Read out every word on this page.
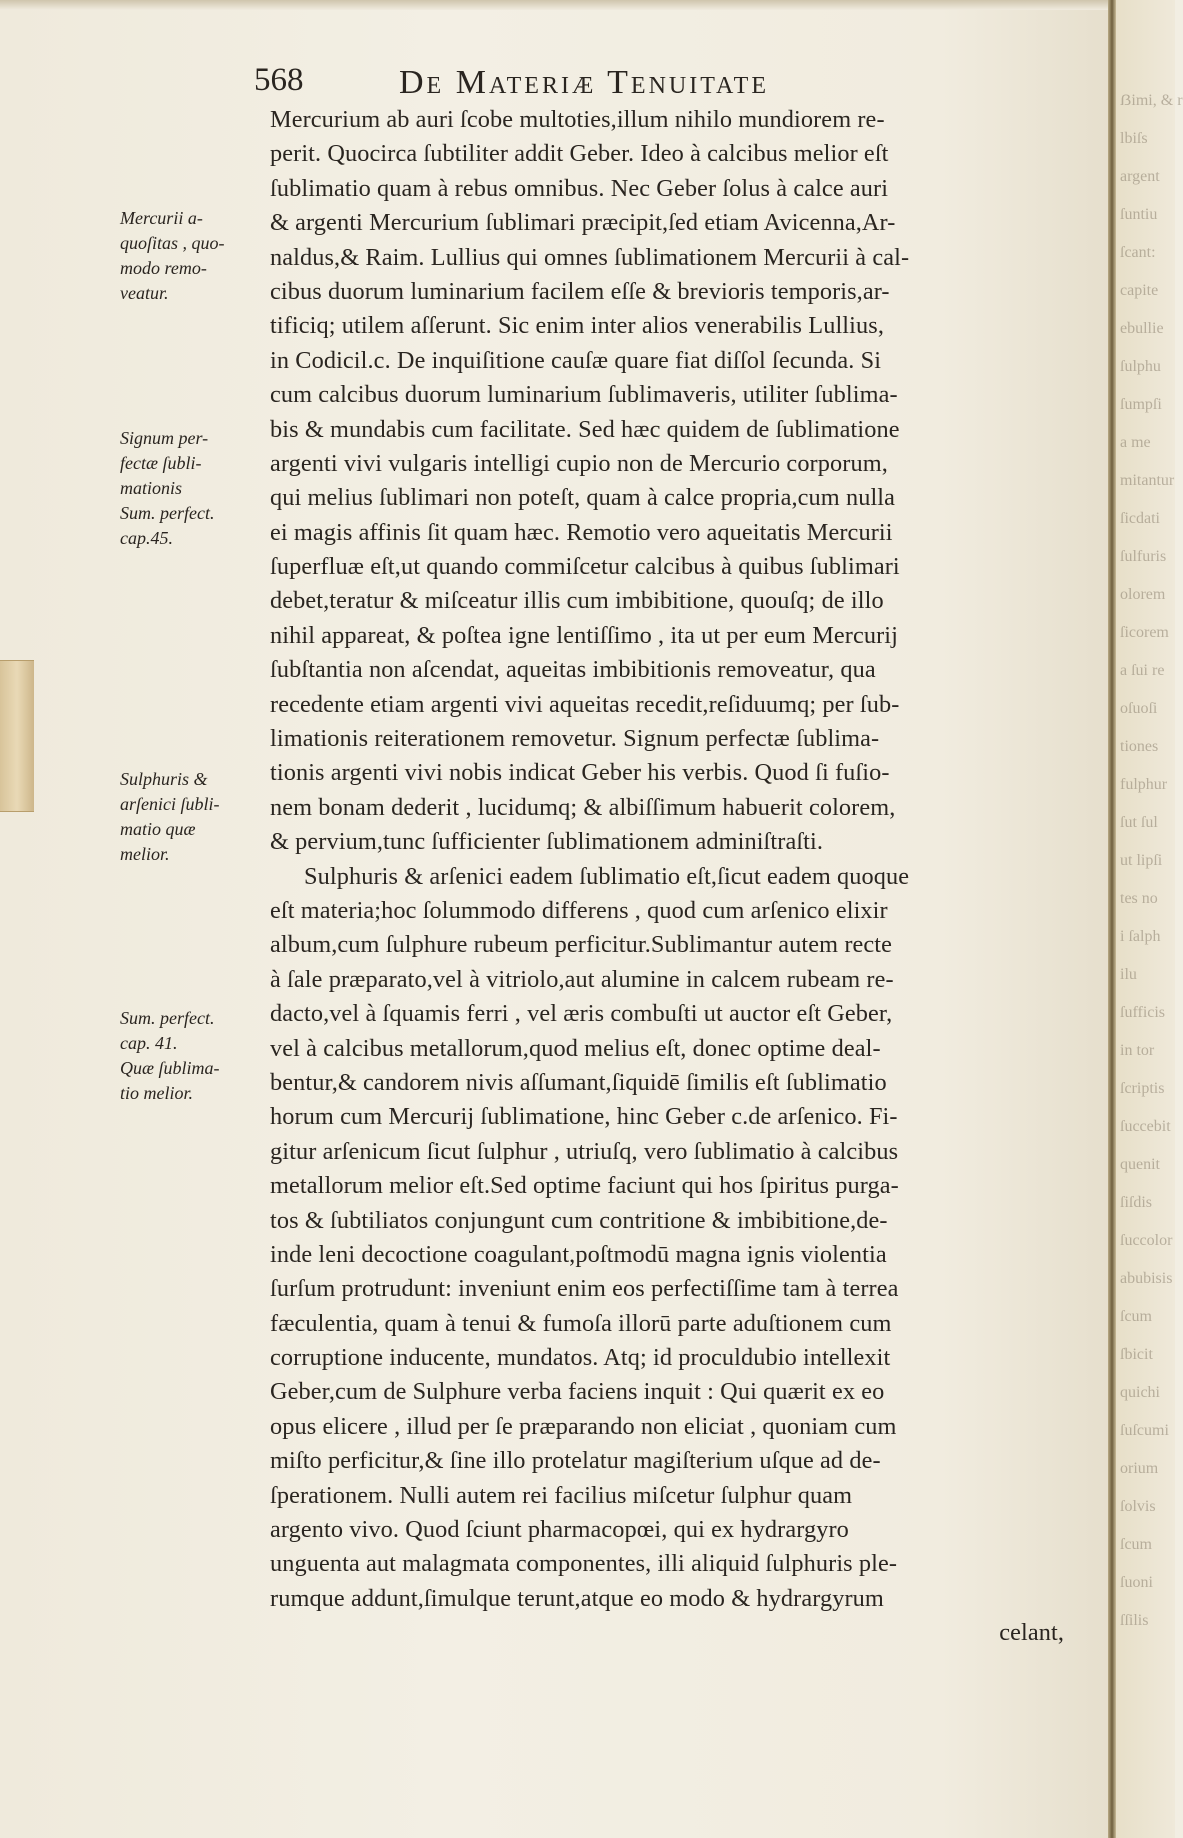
568	De Materiæ Tenuitate
Mercurii a-
quoſitas , quo-
modo remo-
veatur.
Signum per-
fectæ ſubli-
mationis
Sum. perfect.
cap.45.
Sulphuris &
arſenici ſubli-
matio quæ
melior.
Sum. perfect.
cap. 41.
Quæ ſublima-
tio melior.
Mercurium ab auri ſcobe multoties,illum nihilo mundiorem re-
perit. Quocirca ſubtiliter addit Geber. Ideo à calcibus melior eſt
ſublimatio quam à rebus omnibus. Nec Geber ſolus à calce auri
& argenti Mercurium ſublimari præcipit,ſed etiam Avicenna,Ar-
naldus,& Raim. Lullius qui omnes ſublimationem Mercurii à cal-
cibus duorum luminarium facilem eſſe & brevioris temporis,ar-
tificiq; utilem aſſerunt. Sic enim inter alios venerabilis Lullius,
in Codicil.c. De inquiſitione cauſæ quare fiat diſſol ſecunda. Si
cum calcibus duorum luminarium ſublimaveris, utiliter ſublima-
bis & mundabis cum facilitate. Sed hæc quidem de ſublimatione
argenti vivi vulgaris intelligi cupio non de Mercurio corporum,
qui melius ſublimari non poteſt, quam à calce propria,cum nulla
ei magis affinis ſit quam hæc. Remotio vero aqueitatis Mercurii
ſuperfluæ eſt,ut quando commiſcetur calcibus à quibus ſublimari
debet,teratur & miſceatur illis cum imbibitione, quouſq; de illo
nihil appareat, & poſtea igne lentiſſimo , ita ut per eum Mercurij
ſubſtantia non aſcendat, aqueitas imbibitionis removeatur, qua
recedente etiam argenti vivi aqueitas recedit,reſiduumq; per ſub-
limationis reiterationem removetur. Signum perfectæ ſublima-
tionis argenti vivi nobis indicat Geber his verbis. Quod ſi fuſio-
nem bonam dederit , lucidumq; & albiſſimum habuerit colorem,
& pervium,tunc ſufficienter ſublimationem adminiſtraſti.
Sulphuris & arſenici eadem ſublimatio eſt,ſicut eadem quoque
eſt materia;hoc ſolummodo differens , quod cum arſenico elixir
album,cum ſulphure rubeum perficitur.Sublimantur autem recte
à ſale præparato,vel à vitriolo,aut alumine in calcem rubeam re-
dacto,vel à ſquamis ferri , vel æris combuſti ut auctor eſt Geber,
vel à calcibus metallorum,quod melius eſt, donec optime deal-
bentur,& candorem nivis aſſumant,ſiquidē ſimilis eſt ſublimatio
horum cum Mercurij ſublimatione, hinc Geber c.de arſenico. Fi-
gitur arſenicum ſicut ſulphur , utriuſq, vero ſublimatio à calcibus
metallorum melior eſt.Sed optime faciunt qui hos ſpiritus purga-
tos & ſubtiliatos conjungunt cum contritione & imbibitione,de-
inde leni decoctione coagulant,poſtmodū magna ignis violentia
ſurſum protrudunt: inveniunt enim eos perfectiſſime tam à terrea
fæculentia, quam à tenui & fumoſa illorū parte aduſtionem cum
corruptione inducente, mundatos. Atq; id proculdubio intellexit
Geber,cum de Sulphure verba faciens inquit : Qui quærit ex eo
opus elicere , illud per ſe præparando non eliciat , quoniam cum
miſto perficitur,& ſine illo protelatur magiſterium uſque ad de-
ſperationem. Nulli autem rei facilius miſcetur ſulphur quam
argento vivo. Quod ſciunt pharmacopœi, qui ex hydrargyro
unguenta aut malagmata componentes, illi aliquid ſulphuris ple-
rumque addunt,ſimulque terunt,atque eo modo & hydrargyrum
celant,
ẞimi, & r
lbiſs
argent
ſuntiu
ſcant:
capite
ebullie
ſulphu
ſumpſi
a me
mitantur
ſicdati
ſulfuris
olorem
ſicorem
a ſui re
oſuoſi
tiones
fulphur
ſut ſul
ut lipſi
tes no
i ſalph
ilu
ſufficis
in tor
ſcriptis
ſuccebit
quenit
ſiſdis
ſuccolor
abubisis
ſcum
ſbicit
quichi
ſuſcumi
orium
ſolvis
ſcum
ſuoni
ſſilis
